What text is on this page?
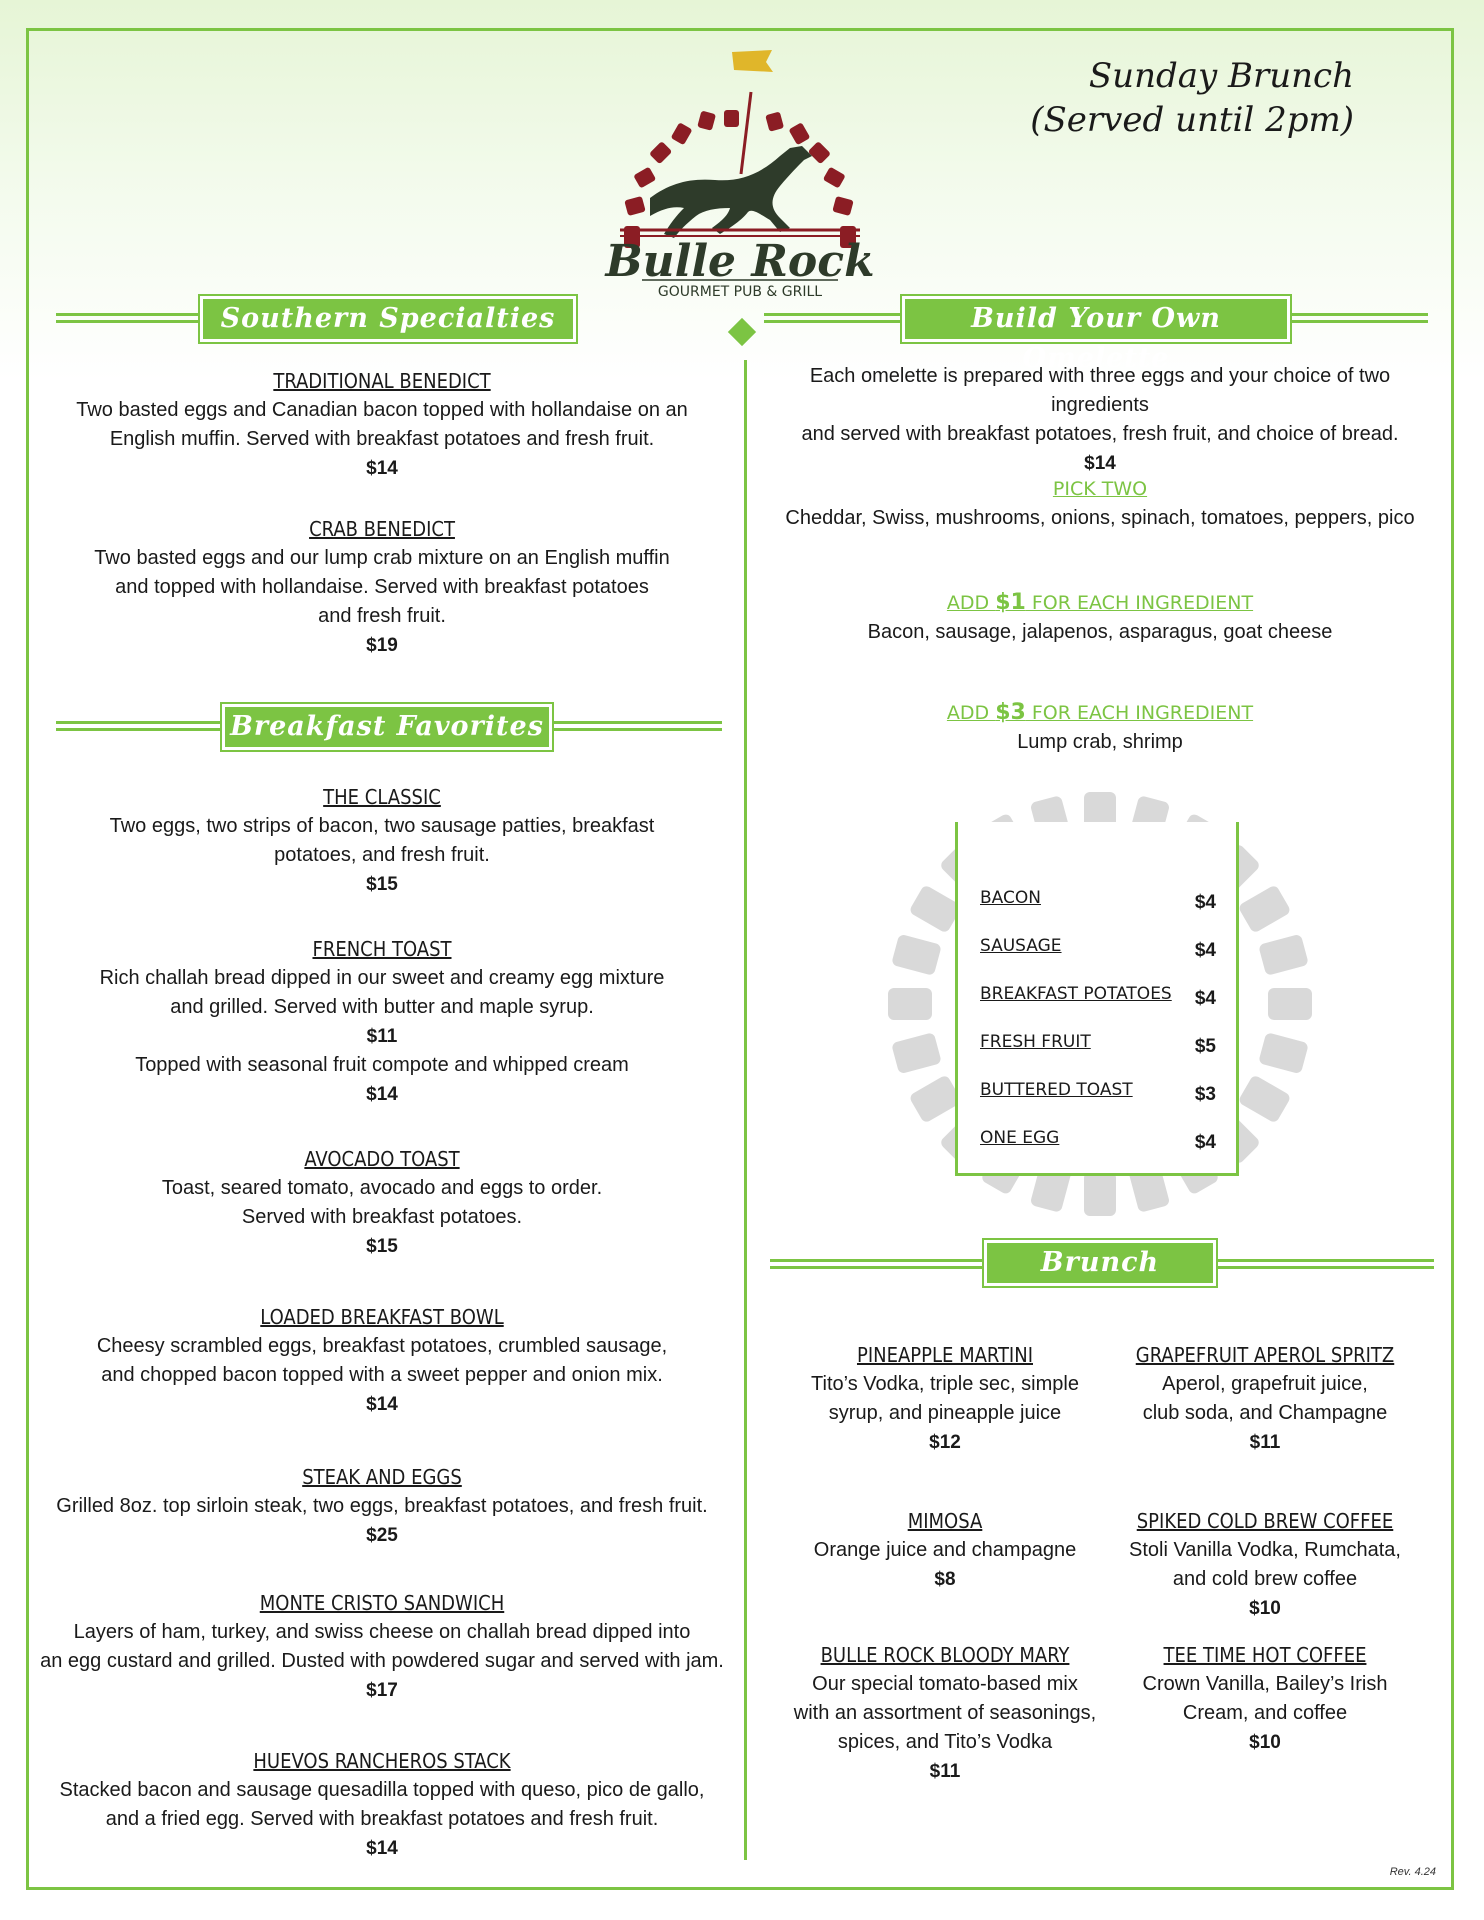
Sunday Brunch
(Served until 2pm)
Bulle Rock
GOURMET PUB & GRILL
Southern Specialties
TRADITIONAL BENEDICT
Two basted eggs and Canadian bacon topped with hollandaise on an
English muffin. Served with breakfast potatoes and fresh fruit.
$14
CRAB BENEDICT
Two basted eggs and our lump crab mixture on an English muffin
and topped with hollandaise. Served with breakfast potatoes
and fresh fruit.
$19
Breakfast Favorites
THE CLASSIC
Two eggs, two strips of bacon, two sausage patties, breakfast
potatoes, and fresh fruit.
$15
FRENCH TOAST
Rich challah bread dipped in our sweet and creamy egg mixture
and grilled. Served with butter and maple syrup.
$11
Topped with seasonal fruit compote and whipped cream
$14
AVOCADO TOAST
Toast, seared tomato, avocado and eggs to order.
Served with breakfast potatoes.
$15
LOADED BREAKFAST BOWL
Cheesy scrambled eggs, breakfast potatoes, crumbled sausage,
and chopped bacon topped with a sweet pepper and onion mix.
$14
STEAK AND EGGS
Grilled 8oz. top sirloin steak, two eggs, breakfast potatoes, and fresh fruit.
$25
MONTE CRISTO SANDWICH
Layers of ham, turkey, and swiss cheese on challah bread dipped into
an egg custard and grilled. Dusted with powdered sugar and served with jam.
$17
HUEVOS RANCHEROS STACK
Stacked bacon and sausage quesadilla topped with queso, pico de gallo,
and a fried egg. Served with breakfast potatoes and fresh fruit.
$14
Build Your Own Omelette
Each omelette is prepared with three eggs and your choice of two ingredients
and served with breakfast potatoes, fresh fruit, and choice of bread.
$14
PICK TWO
Cheddar, Swiss, mushrooms, onions, spinach, tomatoes, peppers, pico
ADD $1 FOR EACH INGREDIENT
Bacon, sausage, jalapenos, asparagus, goat cheese
ADD $3 FOR EACH INGREDIENT
Lump crab, shrimp
BACON	$4
SAUSAGE	$4
BREAKFAST POTATOES $4
FRESH FRUIT	$5
BUTTERED TOAST	$3
ONE EGG	$4
Brunch Drinks
PINEAPPLE MARTINI
Tito’s Vodka, triple sec, simple
syrup, and pineapple juice
$12
GRAPEFRUIT APEROL SPRITZ
Aperol, grapefruit juice,
club soda, and Champagne
$11
MIMOSA
Orange juice and champagne
$8
SPIKED COLD BREW COFFEE
Stoli Vanilla Vodka, Rumchata,
and cold brew coffee
$10
BULLE ROCK BLOODY MARY
Our special tomato-based mix
with an assortment of seasonings,
spices, and Tito’s Vodka
$11
TEE TIME HOT COFFEE
Crown Vanilla, Bailey’s Irish
Cream, and coffee
$10
Rev. 4.24
